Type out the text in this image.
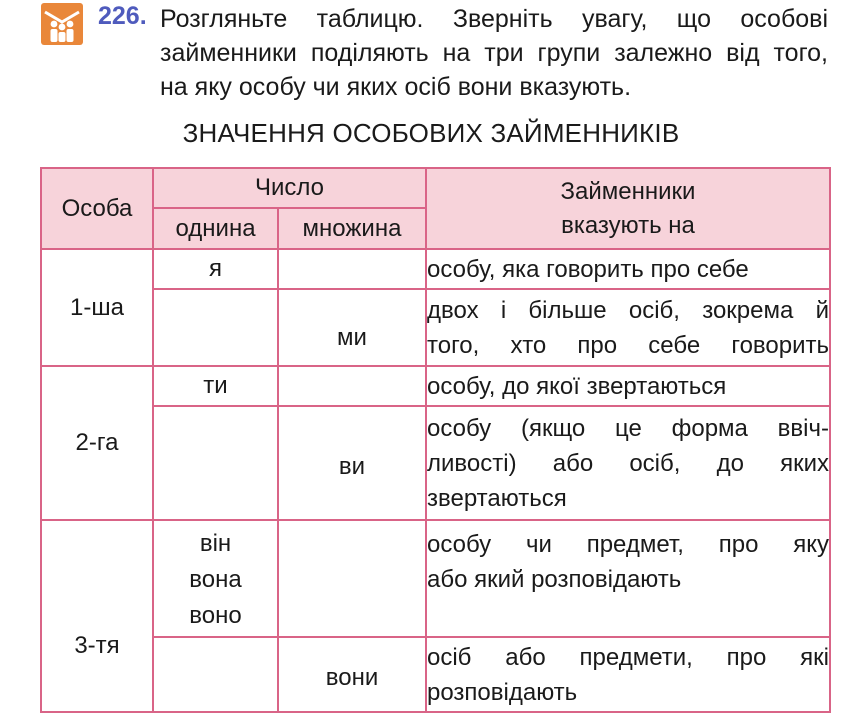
226. Розгляньте таблицю. Зверніть увагу, що особові
займенники поділяють на три групи залежно від того,
на яку особу чи яких осіб вони вказують.

ЗНАЧЕННЯ ОСОБОВИХ ЗАЙМЕННИКІВ

Особа	Число		Займенники
вказують на

	однина	множина	
1-ша	я		особу, яка говорить про себе

		ми	двох і більше осіб, зокрема й
того, хто про себе говорить

2-га	ти		особу, до якої звертаються

		ви	особу (якщо це форма ввіч-
ливості) або осіб, до яких
звертаються

3-тя	він
вона
воно		особу чи предмет, про яку
або який розповідають

		вони	осіб або предмети, про які
розповідають
